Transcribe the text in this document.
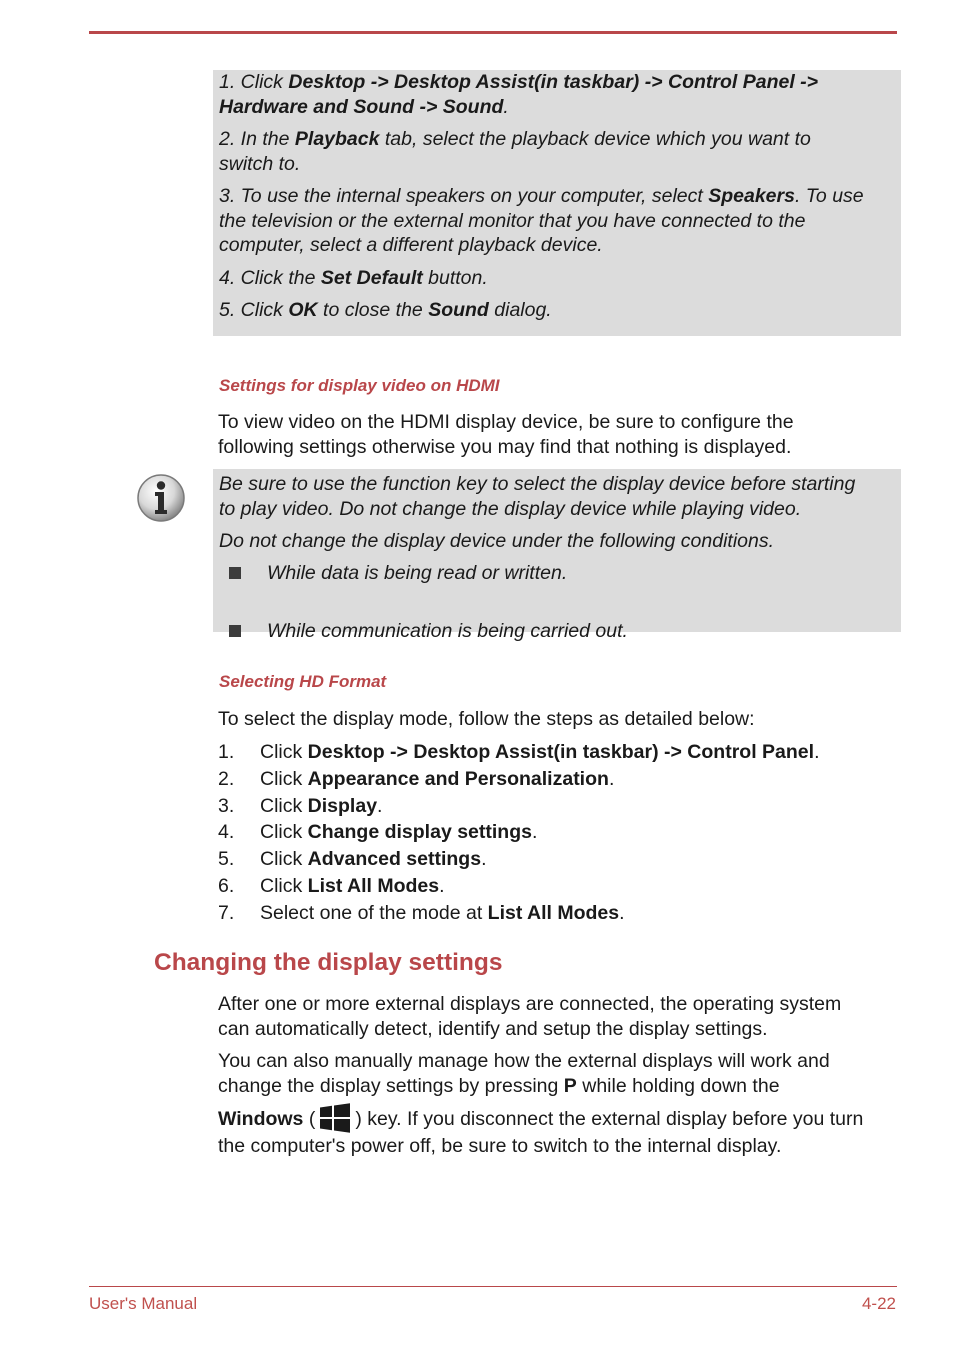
1. Click Desktop -> Desktop Assist(in taskbar) -> Control Panel ->
Hardware and Sound -> Sound.

2. In the Playback tab, select the playback device which you want to
switch to.

3. To use the internal speakers on your computer, select Speakers. To use
the television or the external monitor that you have connected to the
computer, select a different playback device.

4. Click the Set Default button.

5. Click OK to close the Sound dialog.

Settings for display video on HDMI

To view video on the HDMI display device, be sure to configure the
following settings otherwise you may find that nothing is displayed.

Be sure to use the function key to select the display device before starting
to play video. Do not change the display device while playing video.

Do not change the display device under the following conditions.

While data is being read or written.
While communication is being carried out.

Selecting HD Format

To select the display mode, follow the steps as detailed below:

1. Click Desktop -> Desktop Assist(in taskbar) -> Control Panel.
2. Click Appearance and Personalization.
3. Click Display.
4. Click Change display settings.
5. Click Advanced settings.
6. Click List All Modes.
7. Select one of the mode at List All Modes.
Changing the display settings

After one or more external displays are connected, the operating system
can automatically detect, identify and setup the display settings.

You can also manually manage how the external displays will work and
change the display settings by pressing P while holding down the

Windows ( ) key. If you disconnect the external display before you turn

the computer's power off, be sure to switch to the internal display.

User's Manual	4-22
